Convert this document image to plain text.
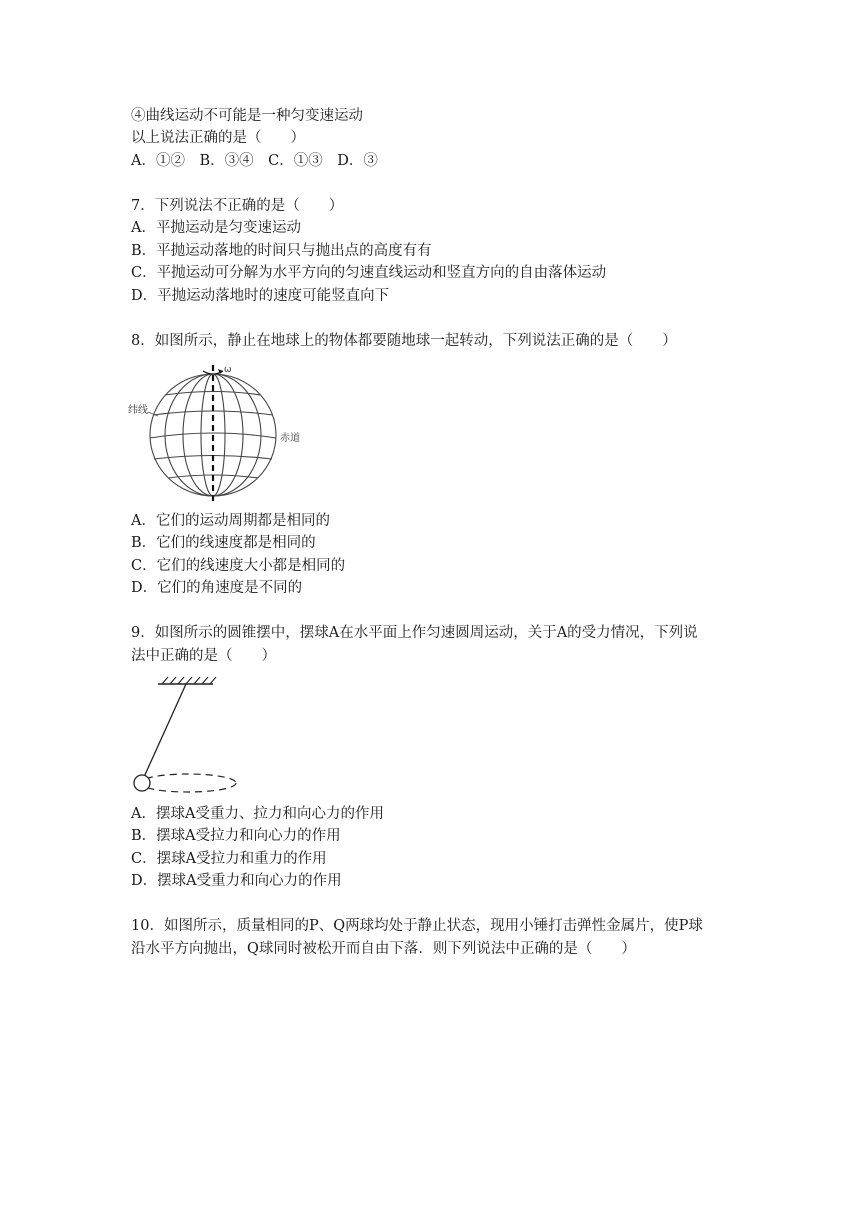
④曲线运动不可能是一种匀变速运动
以上说法正确的是（　　）
A．①②　B．③④　C．①③　D．③
7．下列说法不正确的是（　　）
A．平抛运动是匀变速运动
B．平抛运动落地的时间只与抛出点的高度有有
C．平抛运动可分解为水平方向的匀速直线运动和竖直方向的自由落体运动
D．平抛运动落地时的速度可能竖直向下
8．如图所示，静止在地球上的物体都要随地球一起转动，下列说法正确的是（　　）
ω
纬线
赤道
A．它们的运动周期都是相同的
B．它们的线速度都是相同的
C．它们的线速度大小都是相同的
D．它们的角速度是不同的
9．如图所示的圆锥摆中，摆球A在水平面上作匀速圆周运动，关于A的受力情况，下列说
法中正确的是（　　）
A．摆球A受重力、拉力和向心力的作用
B．摆球A受拉力和向心力的作用
C．摆球A受拉力和重力的作用
D．摆球A受重力和向心力的作用
10．如图所示，质量相同的P、Q两球均处于静止状态，现用小锤打击弹性金属片，使P球
沿水平方向抛出，Q球同时被松开而自由下落．则下列说法中正确的是（　　）
